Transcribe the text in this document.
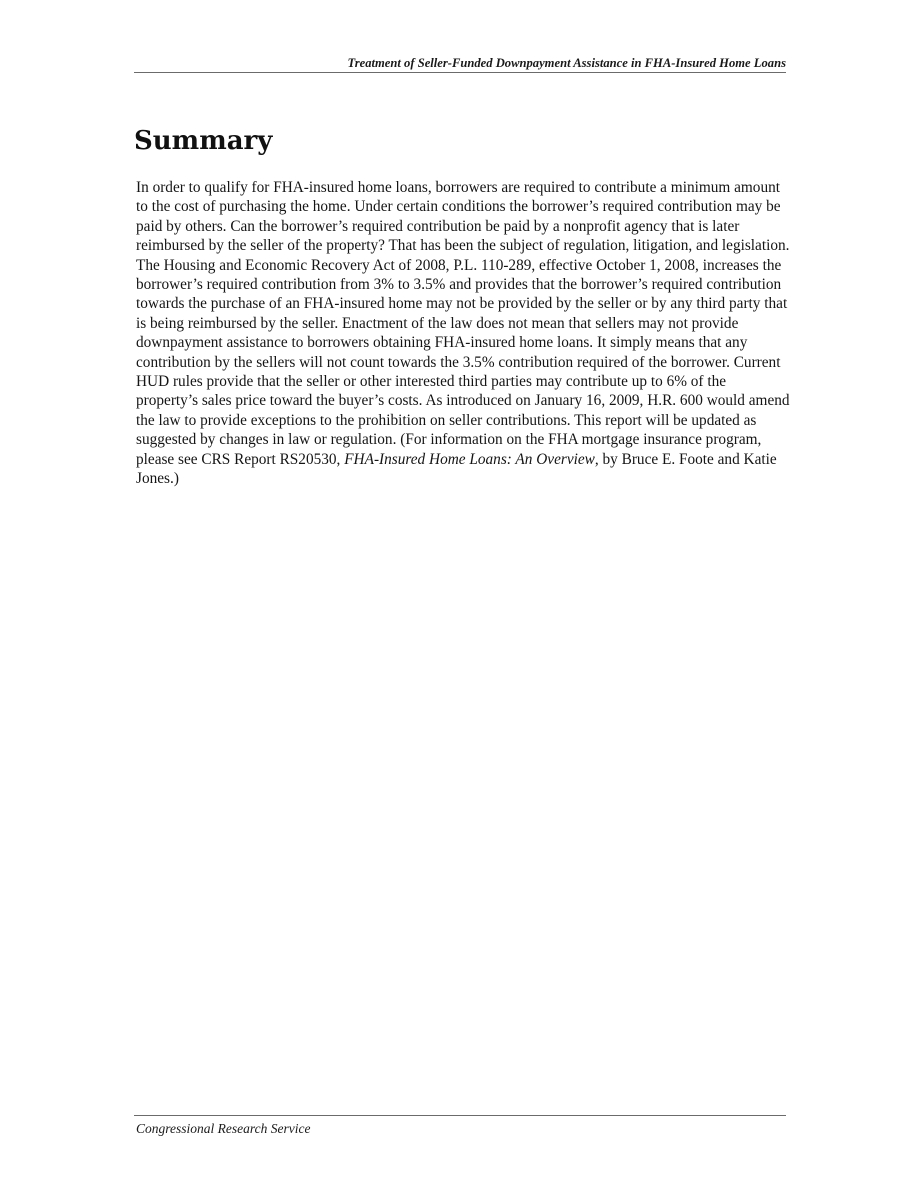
Treatment of Seller-Funded Downpayment Assistance in FHA-Insured Home Loans
Summary

In order to qualify for FHA-insured home loans, borrowers are required to contribute a minimum amount to the cost of purchasing the home. Under certain conditions the borrower’s required contribution may be paid by others. Can the borrower’s required contribution be paid by a nonprofit agency that is later reimbursed by the seller of the property? That has been the subject of regulation, litigation, and legislation. The Housing and Economic Recovery Act of 2008, P.L. 110-289, effective October 1, 2008, increases the borrower’s required contribution from 3% to 3.5% and provides that the borrower’s required contribution towards the purchase of an FHA-insured home may not be provided by the seller or by any third party that is being reimbursed by the seller. Enactment of the law does not mean that sellers may not provide downpayment assistance to borrowers obtaining FHA-insured home loans. It simply means that any contribution by the sellers will not count towards the 3.5% contribution required of the borrower. Current HUD rules provide that the seller or other interested third parties may contribute up to 6% of the property’s sales price toward the buyer’s costs. As introduced on January 16, 2009, H.R. 600 would amend the law to provide exceptions to the prohibition on seller contributions. This report will be updated as suggested by changes in law or regulation. (For information on the FHA mortgage insurance program, please see CRS Report RS20530, FHA-Insured Home Loans: An Overview, by Bruce E. Foote and Katie Jones.)

Congressional Research Service
